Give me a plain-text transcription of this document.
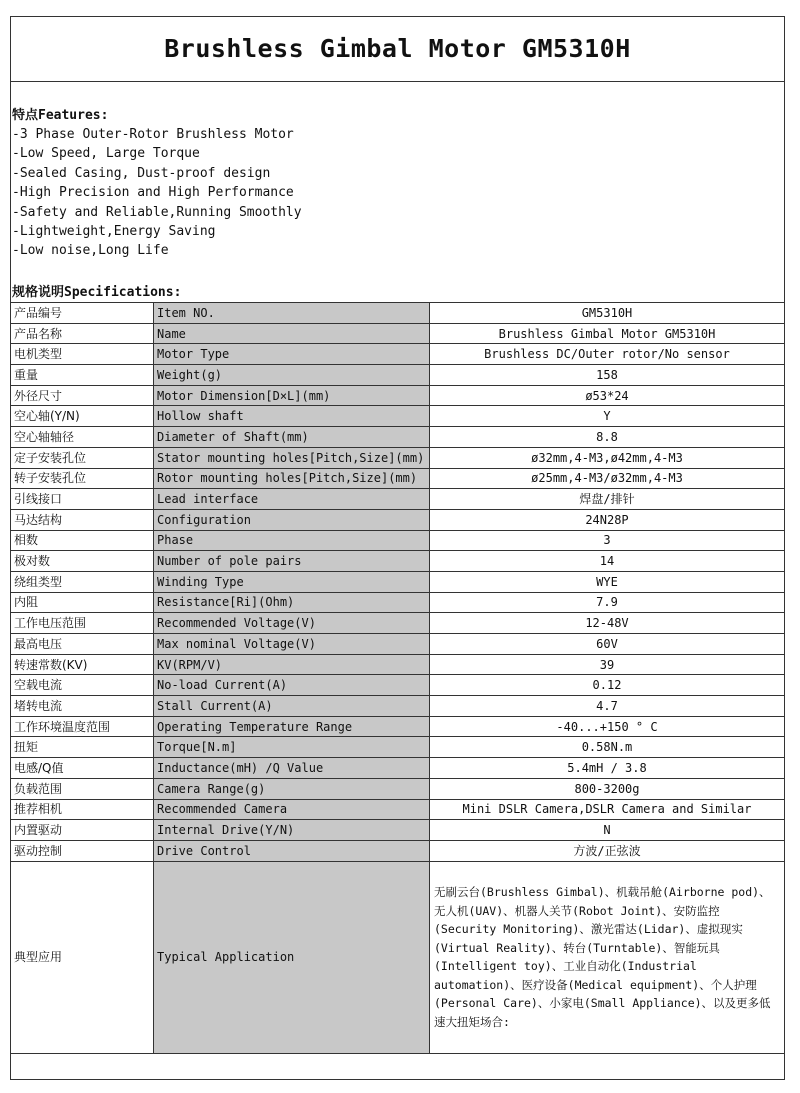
Brushless Gimbal Motor GM5310H
特点Features:
-3 Phase Outer-Rotor Brushless Motor
-Low Speed, Large Torque
-Sealed Casing, Dust-proof design
-High Precision and High Performance
-Safety and Reliable,Running Smoothly
-Lightweight,Energy Saving
-Low noise,Long Life
规格说明Specifications:
产品编号	Item NO.	GM5310H
产品名称	Name	Brushless Gimbal Motor GM5310H
电机类型	Motor Type	Brushless DC/Outer rotor/No sensor
重量	Weight(g)	158
外径尺寸	Motor Dimension[D×L](mm)	ø53*24
空心轴(Y/N)	Hollow shaft	Y
空心轴轴径	Diameter of Shaft(mm)	8.8
定子安装孔位	Stator mounting holes[Pitch,Size](mm)	ø32mm,4-M3,ø42mm,4-M3
转子安装孔位	Rotor mounting holes[Pitch,Size](mm)	ø25mm,4-M3/ø32mm,4-M3
引线接口	Lead interface	焊盘/排针
马达结构	Configuration	24N28P
相数	Phase	3
极对数	Number of pole pairs	14
绕组类型	Winding Type	WYE
内阻	Resistance[Ri](Ohm)	7.9
工作电压范围	Recommended Voltage(V)	12-48V
最高电压	Max nominal Voltage(V)	60V
转速常数(KV)	KV(RPM/V)	39
空载电流	No-load Current(A)	0.12
堵转电流	Stall Current(A)	4.7
工作环境温度范围	Operating Temperature Range	-40...+150 ° C
扭矩	Torque[N.m]	0.58N.m
电感/Q值	Inductance(mH) /Q Value	5.4mH / 3.8
负载范围	Camera Range(g)	800-3200g
推荐相机	Recommended Camera	Mini DSLR Camera,DSLR Camera and Similar
内置驱动	Internal Drive(Y/N)	N
驱动控制	Drive Control	方波/正弦波
典型应用	Typical Application	无刷云台(Brushless Gimbal)、机载吊舱(Airborne pod)、无人机(UAV)、机器人关节(Robot Joint)、安防监控(Security Monitoring)、激光雷达(Lidar)、虚拟现实(Virtual Reality)、转台(Turntable)、智能玩具(Intelligent toy)、工业自动化(Industrial automation)、医疗设备(Medical equipment)、个人护理(Personal Care)、小家电(Small Appliance)、以及更多低速大扭矩场合:
